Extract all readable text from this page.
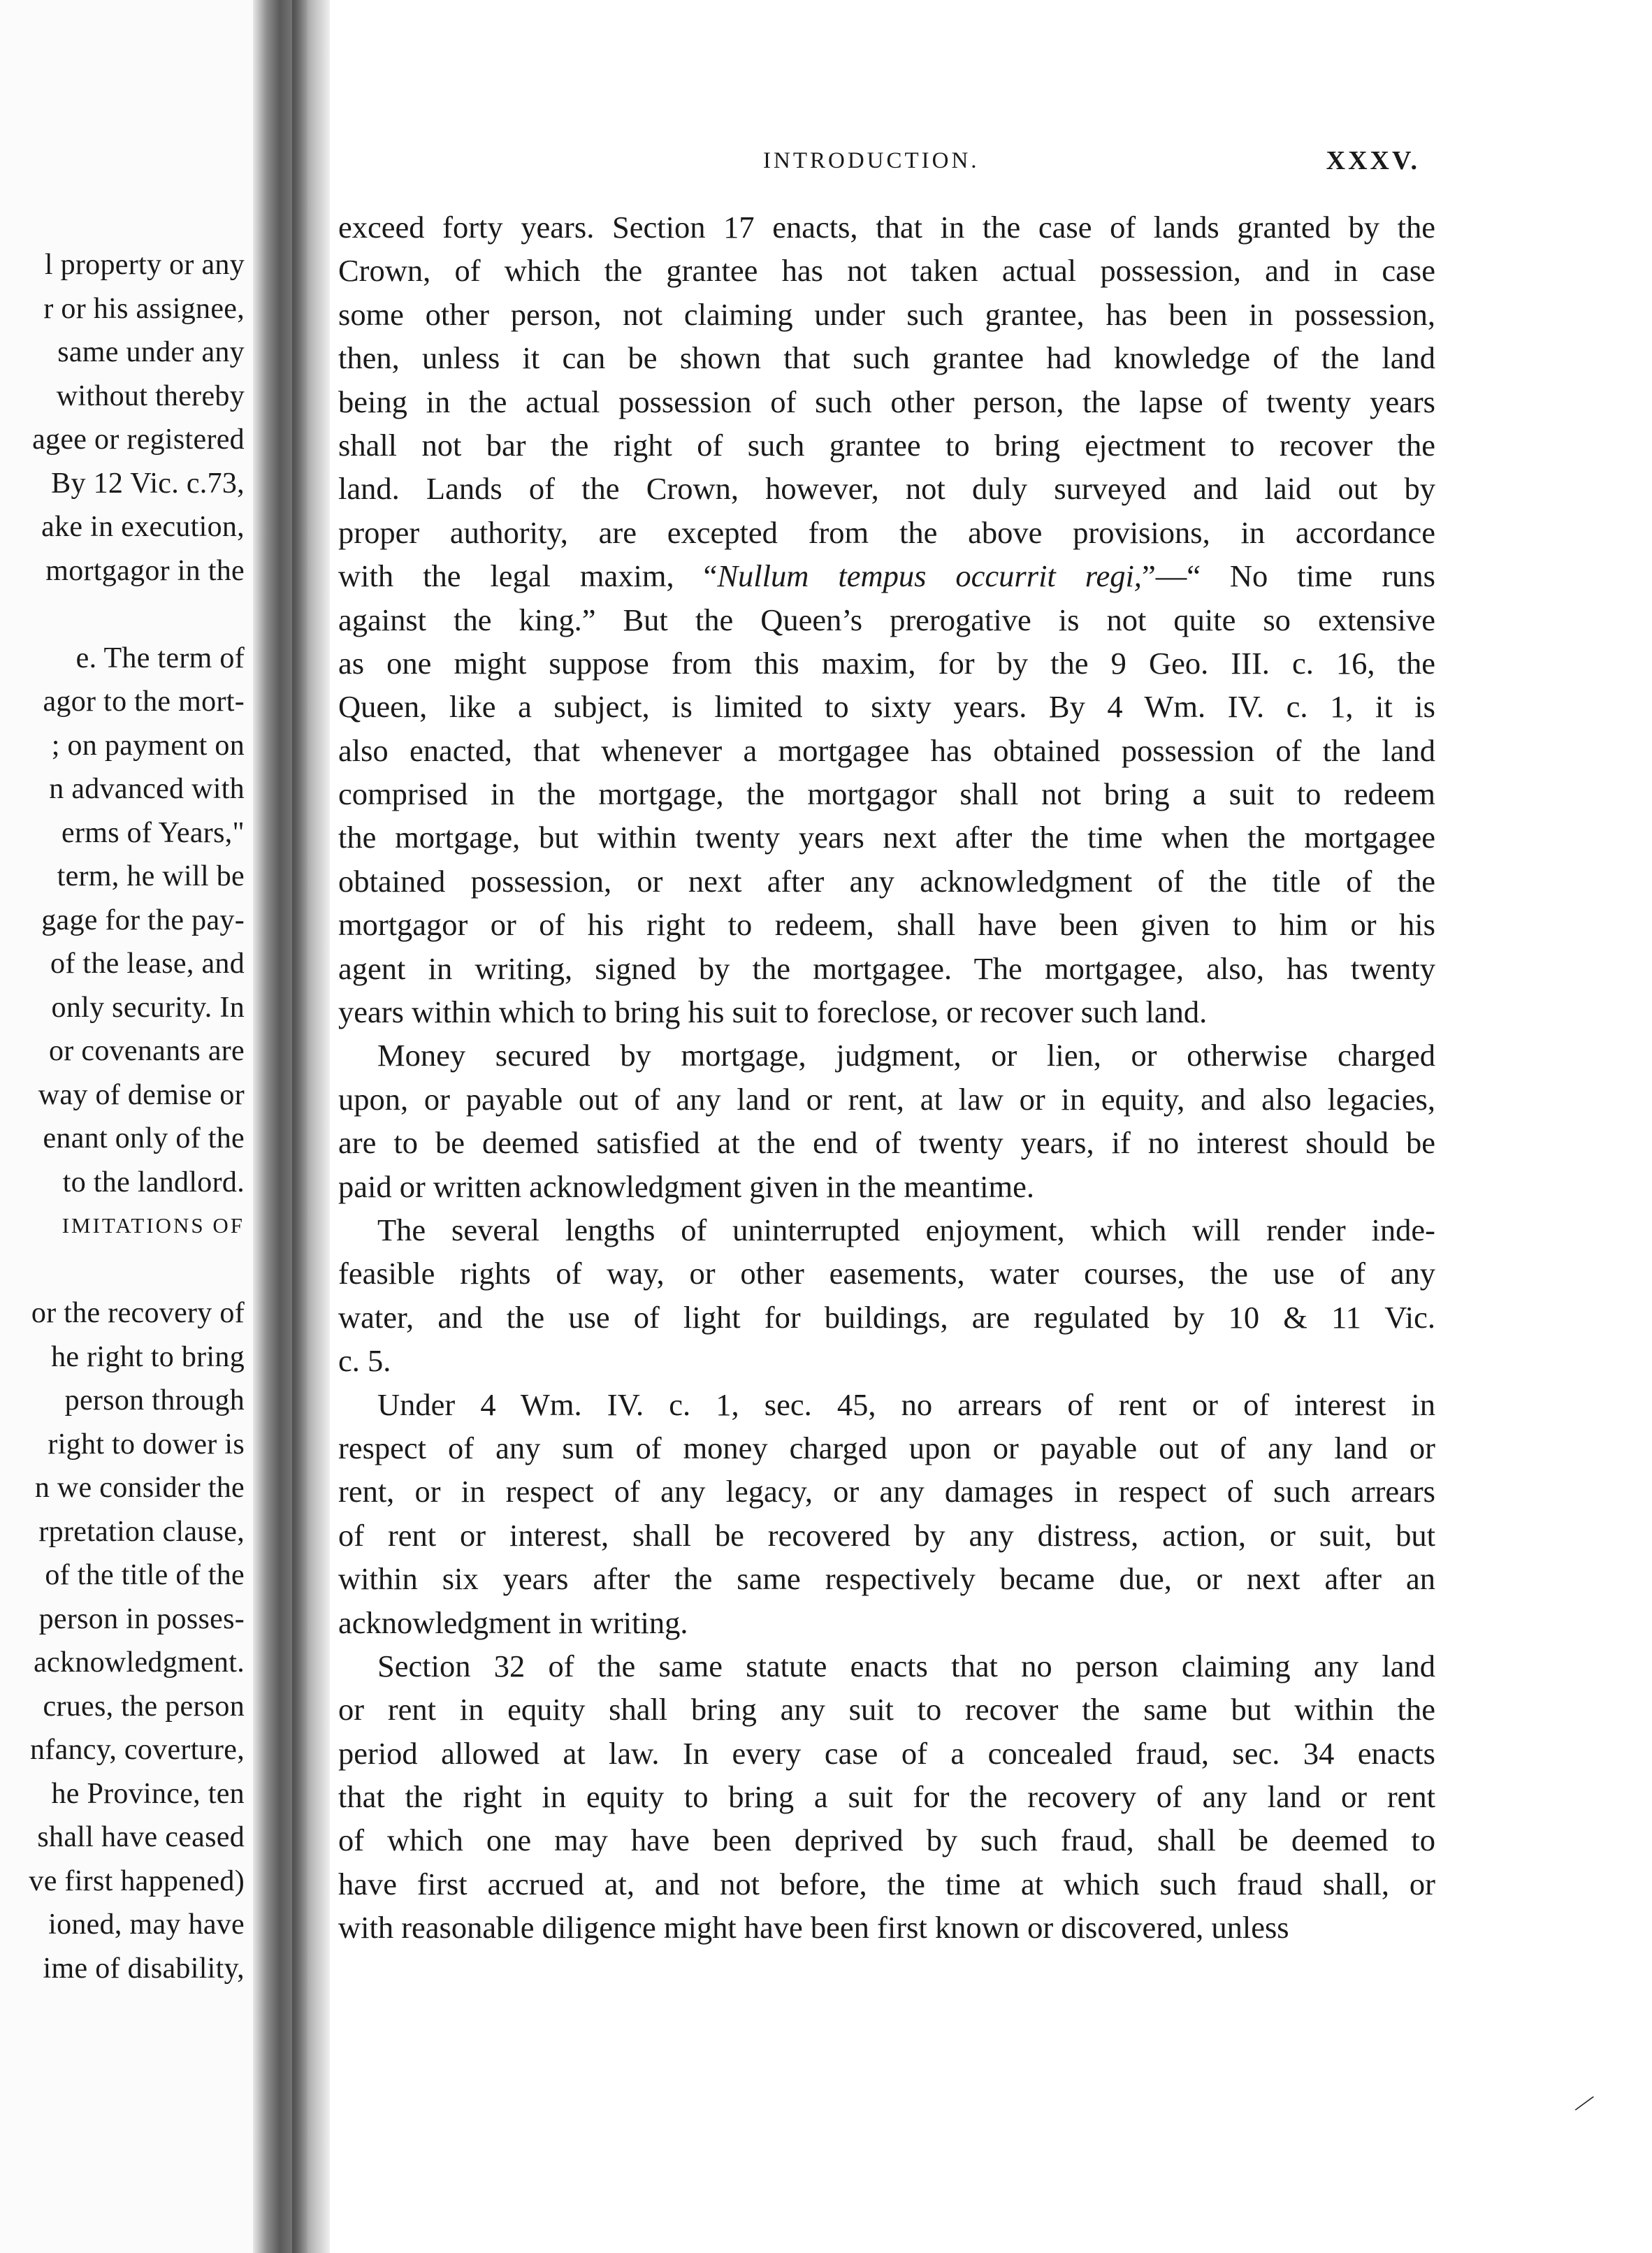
l property or any
r or his assignee,
same under any
without thereby
agee or registered
By 12 Vic. c.73,
ake in execution,
mortgagor in the
e. The term of
agor to the mort-
; on payment on
n advanced with
erms of Years,"
term, he will be
gage for the pay-
of the lease, and
only security. In
or covenants are
way of demise or
enant only of the
to the landlord.
IMITATIONS OF
or the recovery of
he right to bring
person through
right to dower is
n we consider the
rpretation clause,
of the title of the
person in posses-
acknowledgment.
crues, the person
nfancy, coverture,
he Province, ten
shall have ceased
ve first happened)
ioned, may have
ime of disability,
INTRODUCTION.	XXXV.
exceed forty years. Section 17 enacts, that in the case of lands granted by the
Crown, of which the grantee has not taken actual possession, and in case
some other person, not claiming under such grantee, has been in possession,
then, unless it can be shown that such grantee had knowledge of the land
being in the actual possession of such other person, the lapse of twenty years
shall not bar the right of such grantee to bring ejectment to recover the
land. Lands of the Crown, however, not duly surveyed and laid out by
proper authority, are excepted from the above provisions, in accordance
with the legal maxim, “Nullum tempus occurrit regi,”—“ No time runs
against the king.” But the Queen’s prerogative is not quite so extensive
as one might suppose from this maxim, for by the 9 Geo. III. c. 16, the
Queen, like a subject, is limited to sixty years. By 4 Wm. IV. c. 1, it is
also enacted, that whenever a mortgagee has obtained possession of the land
comprised in the mortgage, the mortgagor shall not bring a suit to redeem
the mortgage, but within twenty years next after the time when the mortgagee
obtained possession, or next after any acknowledgment of the title of the
mortgagor or of his right to redeem, shall have been given to him or his
agent in writing, signed by the mortgagee. The mortgagee, also, has twenty
years within which to bring his suit to foreclose, or recover such land.
Money secured by mortgage, judgment, or lien, or otherwise charged
upon, or payable out of any land or rent, at law or in equity, and also legacies,
are to be deemed satisfied at the end of twenty years, if no interest should be
paid or written acknowledgment given in the meantime.
The several lengths of uninterrupted enjoyment, which will render inde-
feasible rights of way, or other easements, water courses, the use of any
water, and the use of light for buildings, are regulated by 10 & 11 Vic.
c. 5.
Under 4 Wm. IV. c. 1, sec. 45, no arrears of rent or of interest in
respect of any sum of money charged upon or payable out of any land or
rent, or in respect of any legacy, or any damages in respect of such arrears
of rent or interest, shall be recovered by any distress, action, or suit, but
within six years after the same respectively became due, or next after an
acknowledgment in writing.
Section 32 of the same statute enacts that no person claiming any land
or rent in equity shall bring any suit to recover the same but within the
period allowed at law. In every case of a concealed fraud, sec. 34 enacts
that the right in equity to bring a suit for the recovery of any land or rent
of which one may have been deprived by such fraud, shall be deemed to
have first accrued at, and not before, the time at which such fraud shall, or
with reasonable diligence might have been first known or discovered, unless
⁄
